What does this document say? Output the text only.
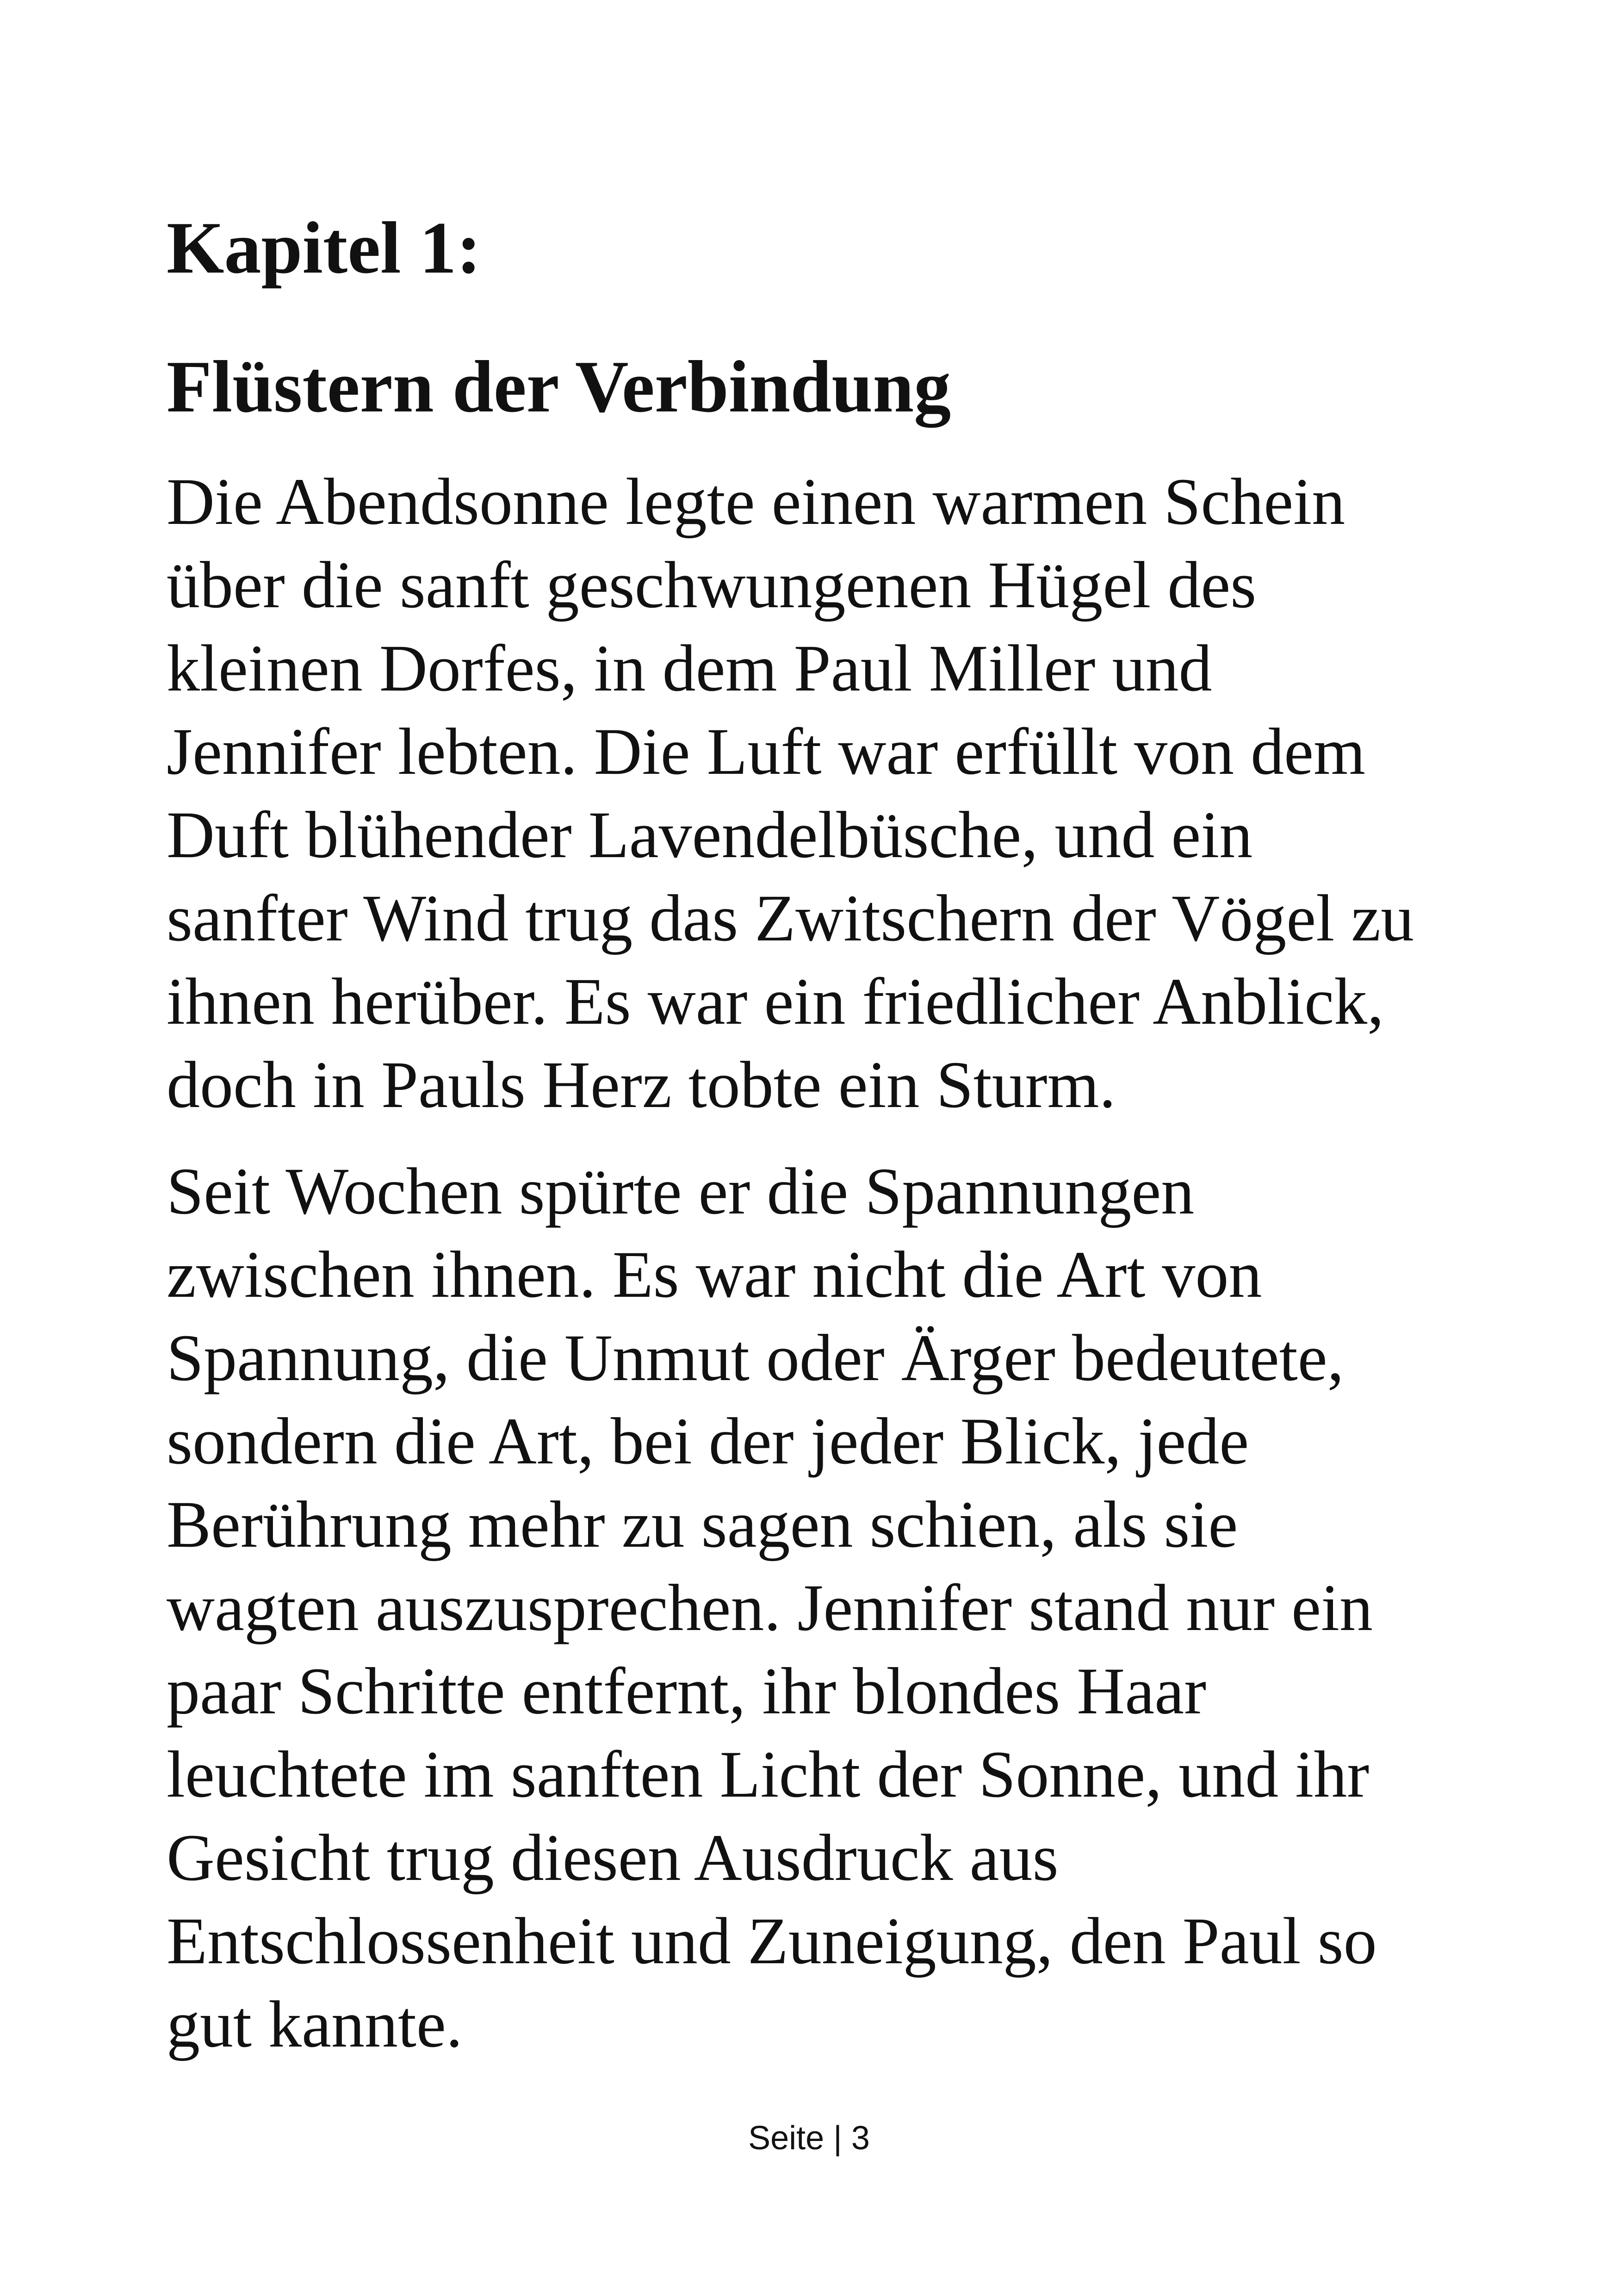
Kapitel 1:
Flüstern der Verbindung

Die Abendsonne legte einen warmen Schein
über die sanft geschwungenen Hügel des
kleinen Dorfes, in dem Paul Miller und
Jennifer lebten. Die Luft war erfüllt von dem
Duft blühender Lavendelbüsche, und ein
sanfter Wind trug das Zwitschern der Vögel zu
ihnen herüber. Es war ein friedlicher Anblick,
doch in Pauls Herz tobte ein Sturm.

Seit Wochen spürte er die Spannungen
zwischen ihnen. Es war nicht die Art von
Spannung, die Unmut oder Ärger bedeutete,
sondern die Art, bei der jeder Blick, jede
Berührung mehr zu sagen schien, als sie
wagten auszusprechen. Jennifer stand nur ein
paar Schritte entfernt, ihr blondes Haar
leuchtete im sanften Licht der Sonne, und ihr
Gesicht trug diesen Ausdruck aus
Entschlossenheit und Zuneigung, den Paul so
gut kannte.

Seite | 3
